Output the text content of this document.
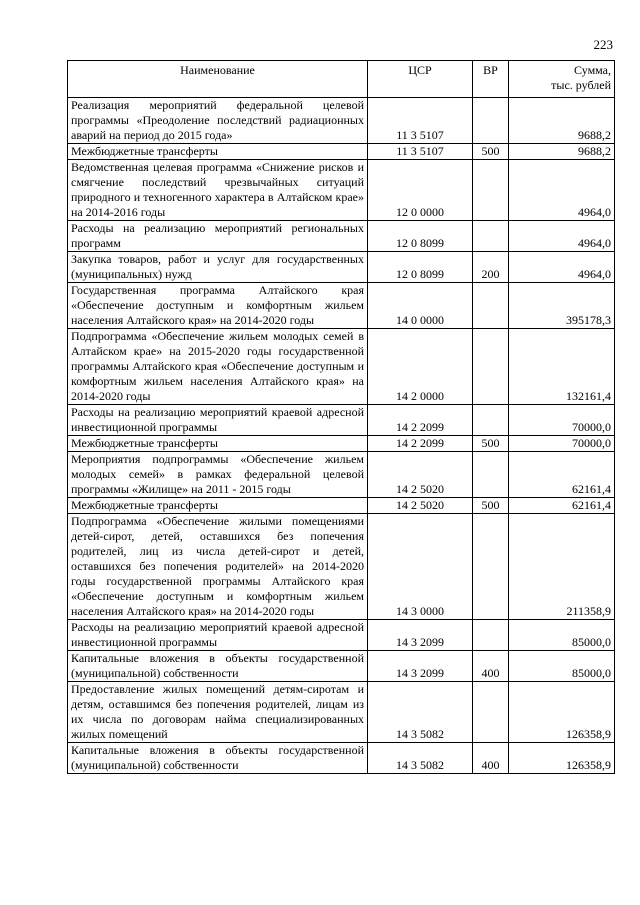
223
Наименование	ЦСР	ВР	Сумма,
тыс. рублей
Реализация мероприятий федеральной целевой программы «Преодоление последствий радиационных аварий на период до 2015 года»	11 3 5107		9688,2
Межбюджетные трансферты	11 3 5107	500	9688,2
Ведомственная целевая программа «Снижение рисков и смягчение последствий чрезвычайных ситуаций природного и техногенного характера в Алтайском крае» на 2014-2016 годы	12 0 0000		4964,0
Расходы на реализацию мероприятий региональных программ	12 0 8099		4964,0
Закупка товаров, работ и услуг для государственных (муниципальных) нужд	12 0 8099	200	4964,0
Государственная программа Алтайского края «Обеспечение доступным и комфортным жильем населения Алтайского края» на 2014-2020 годы	14 0 0000		395178,3
Подпрограмма «Обеспечение жильем молодых семей в Алтайском крае» на 2015-2020 годы государственной программы Алтайского края «Обеспечение доступным и комфортным жильем населения Алтайского края» на 2014-2020 годы	14 2 0000		132161,4
Расходы на реализацию мероприятий краевой адресной инвестиционной программы	14 2 2099		70000,0
Межбюджетные трансферты	14 2 2099	500	70000,0
Мероприятия подпрограммы «Обеспечение жильем молодых семей» в рамках федеральной целевой программы «Жилище» на 2011 - 2015 годы	14 2 5020		62161,4
Межбюджетные трансферты	14 2 5020	500	62161,4
Подпрограмма «Обеспечение жилыми помещениями детей-сирот, детей, оставшихся без попечения родителей, лиц из числа детей-сирот и детей, оставшихся без попечения родителей» на 2014-2020 годы государственной программы Алтайского края «Обеспечение доступным и комфортным жильем населения Алтайского края» на 2014-2020 годы	14 3 0000		211358,9
Расходы на реализацию мероприятий краевой адресной инвестиционной программы	14 3 2099		85000,0
Капитальные вложения в объекты государственной (муниципальной) собственности	14 3 2099	400	85000,0
Предоставление жилых помещений детям-сиротам и детям, оставшимся без попечения родителей, лицам из их числа по договорам найма специализированных жилых помещений	14 3 5082		126358,9
Капитальные вложения в объекты государственной (муниципальной) собственности	14 3 5082	400	126358,9
